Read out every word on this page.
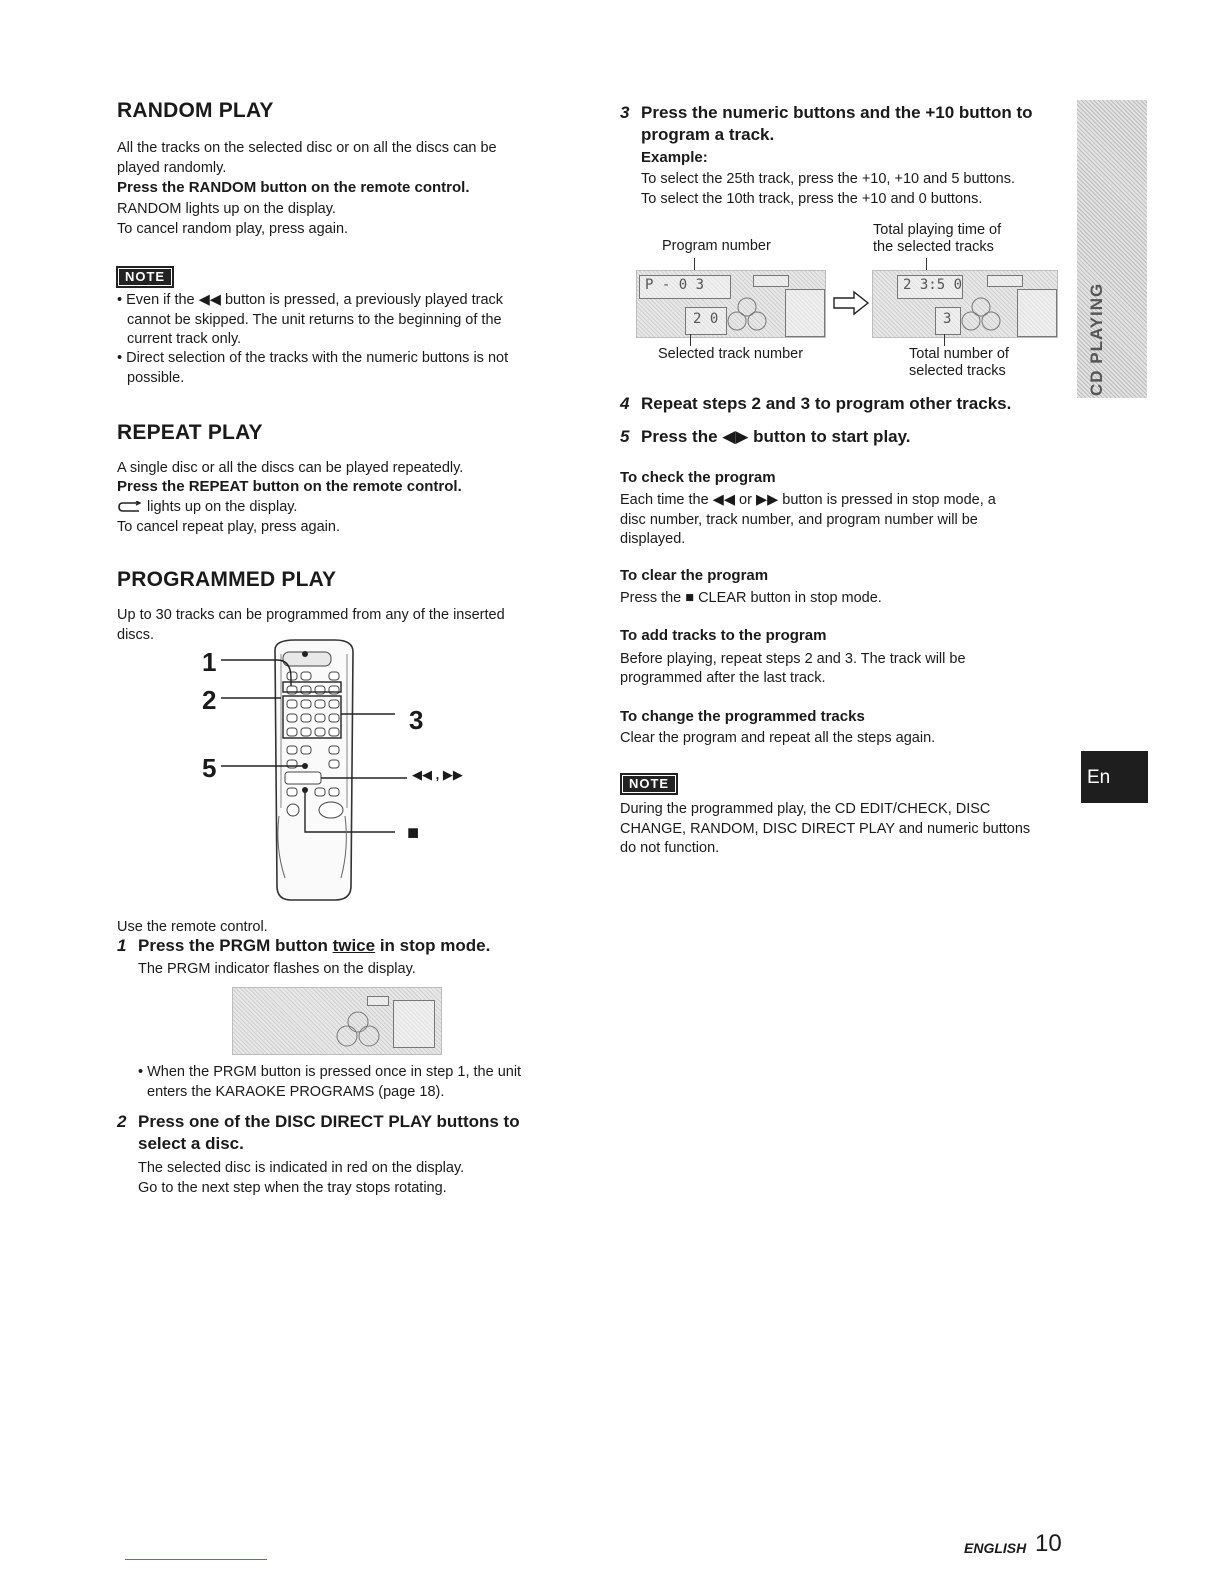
RANDOM PLAY

All the tracks on the selected disc or on all the discs can be

played randomly.

Press the RANDOM button on the remote control.

RANDOM lights up on the display.

To cancel random play, press again.

NOTE

• Even if the ◀◀ button is pressed, a previously played track

cannot be skipped. The unit returns to the beginning of the

current track only.

• Direct selection of the tracks with the numeric buttons is not

possible.

REPEAT PLAY

A single disc or all the discs can be played repeatedly.

Press the REPEAT button on the remote control.

lights up on the display.

To cancel repeat play, press again.

PROGRAMMED PLAY

Up to 30 tracks can be programmed from any of the inserted

discs.

1
2
3
5	◀◀ , ▶▶
■

Use the remote control.

1 Press the PRGM button twice in stop mode.

The PRGM indicator flashes on the display.

• When the PRGM button is pressed once in step 1, the unit

enters the KARAOKE PROGRAMS (page 18).

2 Press one of the DISC DIRECT PLAY buttons to
select a disc.

The selected disc is indicated in red on the display.

Go to the next step when the tray stops rotating.

3 Press the numeric buttons and the +10 button to
program a track.

Example:

To select the 25th track, press the +10, +10 and 5 buttons.

To select the 10th track, press the +10 and 0 buttons.

Program number

Total playing time of

the selected tracks

P - 0 3
2 0
2 3:5 0
3

Selected track number	Total number of

selected tracks

4 Repeat steps 2 and 3 to program other tracks.
5 Press the ◀▶ button to start play.
To check the program

Each time the ◀◀ or ▶▶ button is pressed in stop mode, a

disc number, track number, and program number will be

displayed.

To clear the program

Press the ■ CLEAR button in stop mode.

To add tracks to the program

Before playing, repeat steps 2 and 3. The track will be

programmed after the last track.

To change the programmed tracks

Clear the program and repeat all the steps again.

NOTE

During the programmed play, the CD EDIT/CHECK, DISC

CHANGE, RANDOM, DISC DIRECT PLAY and numeric buttons

do not function.

CD PLAYING
En
ENGLISH 10
